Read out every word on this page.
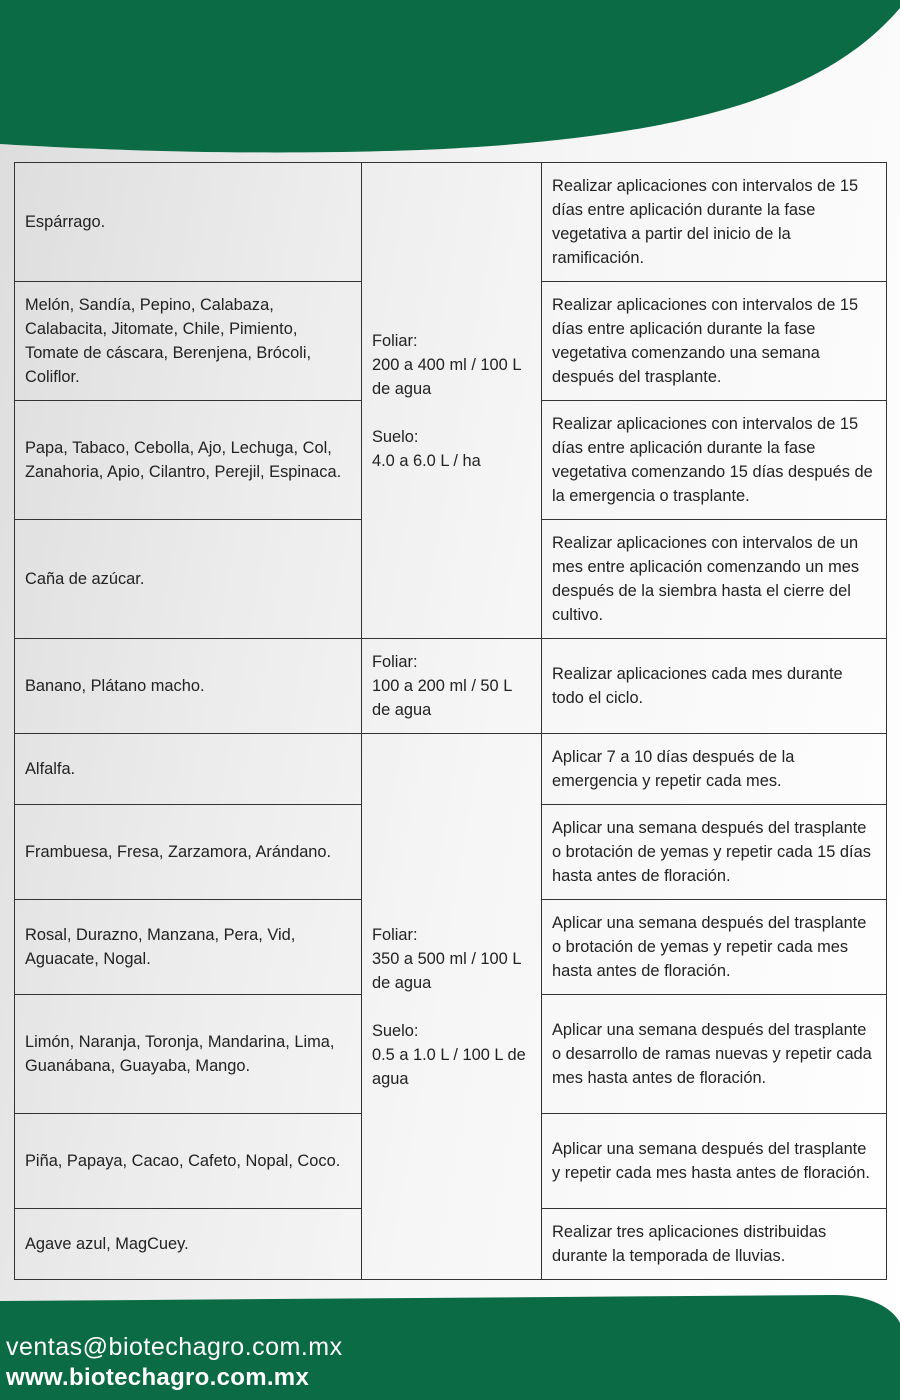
Espárrago.	Foliar:
200 a 400 ml / 100 L de agua
Suelo:
4.0 a 6.0 L / ha	Realizar aplicaciones con intervalos de 15 días entre aplicación durante la fase vegetativa a partir del inicio de la ramificación.
Melón, Sandía, Pepino, Calabaza, Calabacita, Jitomate, Chile, Pimiento, Tomate de cáscara, Berenjena, Brócoli, Coliflor.		Realizar aplicaciones con intervalos de 15 días entre aplicación durante la fase vegetativa comenzando una semana después del trasplante.
Papa, Tabaco, Cebolla, Ajo, Lechuga, Col, Zanahoria, Apio, Cilantro, Perejil, Espinaca.		Realizar aplicaciones con intervalos de 15 días entre aplicación durante la fase vegetativa comenzando 15 días después de la emergencia o trasplante.
Caña de azúcar.		Realizar aplicaciones con intervalos de un mes entre aplicación comenzando un mes después de la siembra hasta el cierre del cultivo.
Banano, Plátano macho.	Foliar:
100 a 200 ml / 50 L de agua	Realizar aplicaciones cada mes durante todo el ciclo.
Alfalfa.	Foliar:
350 a 500 ml / 100 L de agua
Suelo:
0.5 a 1.0 L / 100 L de agua	Aplicar 7 a 10 días después de la emergencia y repetir cada mes.
Frambuesa, Fresa, Zarzamora, Arándano.		Aplicar una semana después del trasplante o brotación de yemas y repetir cada 15 días hasta antes de floración.
Rosal, Durazno, Manzana, Pera, Vid, Aguacate, Nogal.		Aplicar una semana después del trasplante o brotación de yemas y repetir cada mes hasta antes de floración.
Limón, Naranja, Toronja, Mandarina, Lima, Guanábana, Guayaba, Mango.		Aplicar una semana después del trasplante o desarrollo de ramas nuevas y repetir cada mes hasta antes de floración.
Piña, Papaya, Cacao, Cafeto, Nopal, Coco.		Aplicar una semana después del trasplante y repetir cada mes hasta antes de floración.
Agave azul, MagCuey.		Realizar tres aplicaciones distribuidas durante la temporada de lluvias.
ventas@biotechagro.com.mx
www.biotechagro.com.mx
